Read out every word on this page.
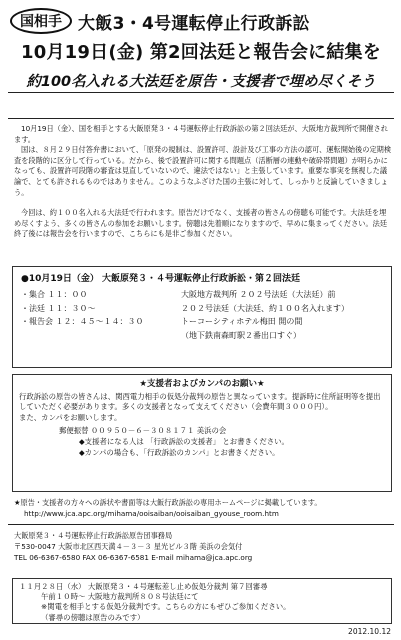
国相手 大飯3・4号運転停止行政訴訟
10月19日(金) 第2回法廷と報告会に結集を
約100名入れる大法廷を原告・支援者で埋め尽くそう

10月19日（金）、国を相手とする大飯原発３・４号運転停止行政訴訟の第２回法廷が、大阪地方裁判所で開催されます。

国は、８月２９日付答弁書において、「原発の規制は、設置許可、設計及び工事の方法の認可、運転開始後の定期検査を段階的に区分して行っている。だから、後で設置許可に関する問題点（活断層の連動や破砕帯問題）が明らかになっても、設置許可段階の審査は見直していないので、違法ではない」と主張しています。重要な事実を無視した議論で、とても許されるものではありません。このようなふざけた国の主張に対して、しっかりと反論していきましょう。

今回は、約１００名入れる大法廷で行われます。原告だけでなく、支援者の皆さんの傍聴も可能です。大法廷を埋め尽くすよう、多くの皆さんの参加をお願いします。傍聴は先着順になりますので、早めに集まってください。法廷終了後には報告会を行いますので、こちらにも是非ご参加ください。

●10月19日（金） 大飯原発３・４号運転停止行政訴訟・第２回法廷
・集合 １１：００	大阪地方裁判所 ２０２号法廷（大法廷）前
・法廷 １１：３０～	２０２号法廷（大法廷、約１００名入れます）
・報告会 １２：４５～１４：３０	トーコーシティホテル梅田 開の間
（地下鉄南森町駅２番出口すぐ）
★支援者およびカンパのお願い★
行政訴訟の原告の皆さんは、関西電力相手の仮処分裁判の原告と異なっています。提訴時に住所証明等を提出していただく必要があります。多くの支援者となって支えてください（会費年間３０００円）。
また、カンパをお願いします。
郵便振替 ００９５０－６－３０８１７１ 美浜の会
◆支援者になる人は 「行政訴訟の支援者」 とお書きください。
◆カンパの場合も、「行政訴訟のカンパ」とお書きください。
★原告・支援者の方々への訴状や書面等は大飯行政訴訟の専用ホームページに掲載しています。
http://www.jca.apc.org/mihama/ooisaiban/ooisaiban_gyouse_room.htm
大飯原発３・４号運転停止行政訴訟原告団事務局
〒530-0047 大阪市北区西天満４－３－３ 星光ビル３階 美浜の会気付
TEL 06-6367-6580 FAX 06-6367-6581 E-mail mihama@jca.apc.org
１１月２８日（水） 大飯原発３・４号運転差し止め仮処分裁判 第７回審尋
午前１０時～ 大阪地方裁判所８０８号法廷にて
※関電を相手とする仮処分裁判です。こちらの方にもぜひご参加ください。
（審尋の傍聴は原告のみです）
2012.10.12
